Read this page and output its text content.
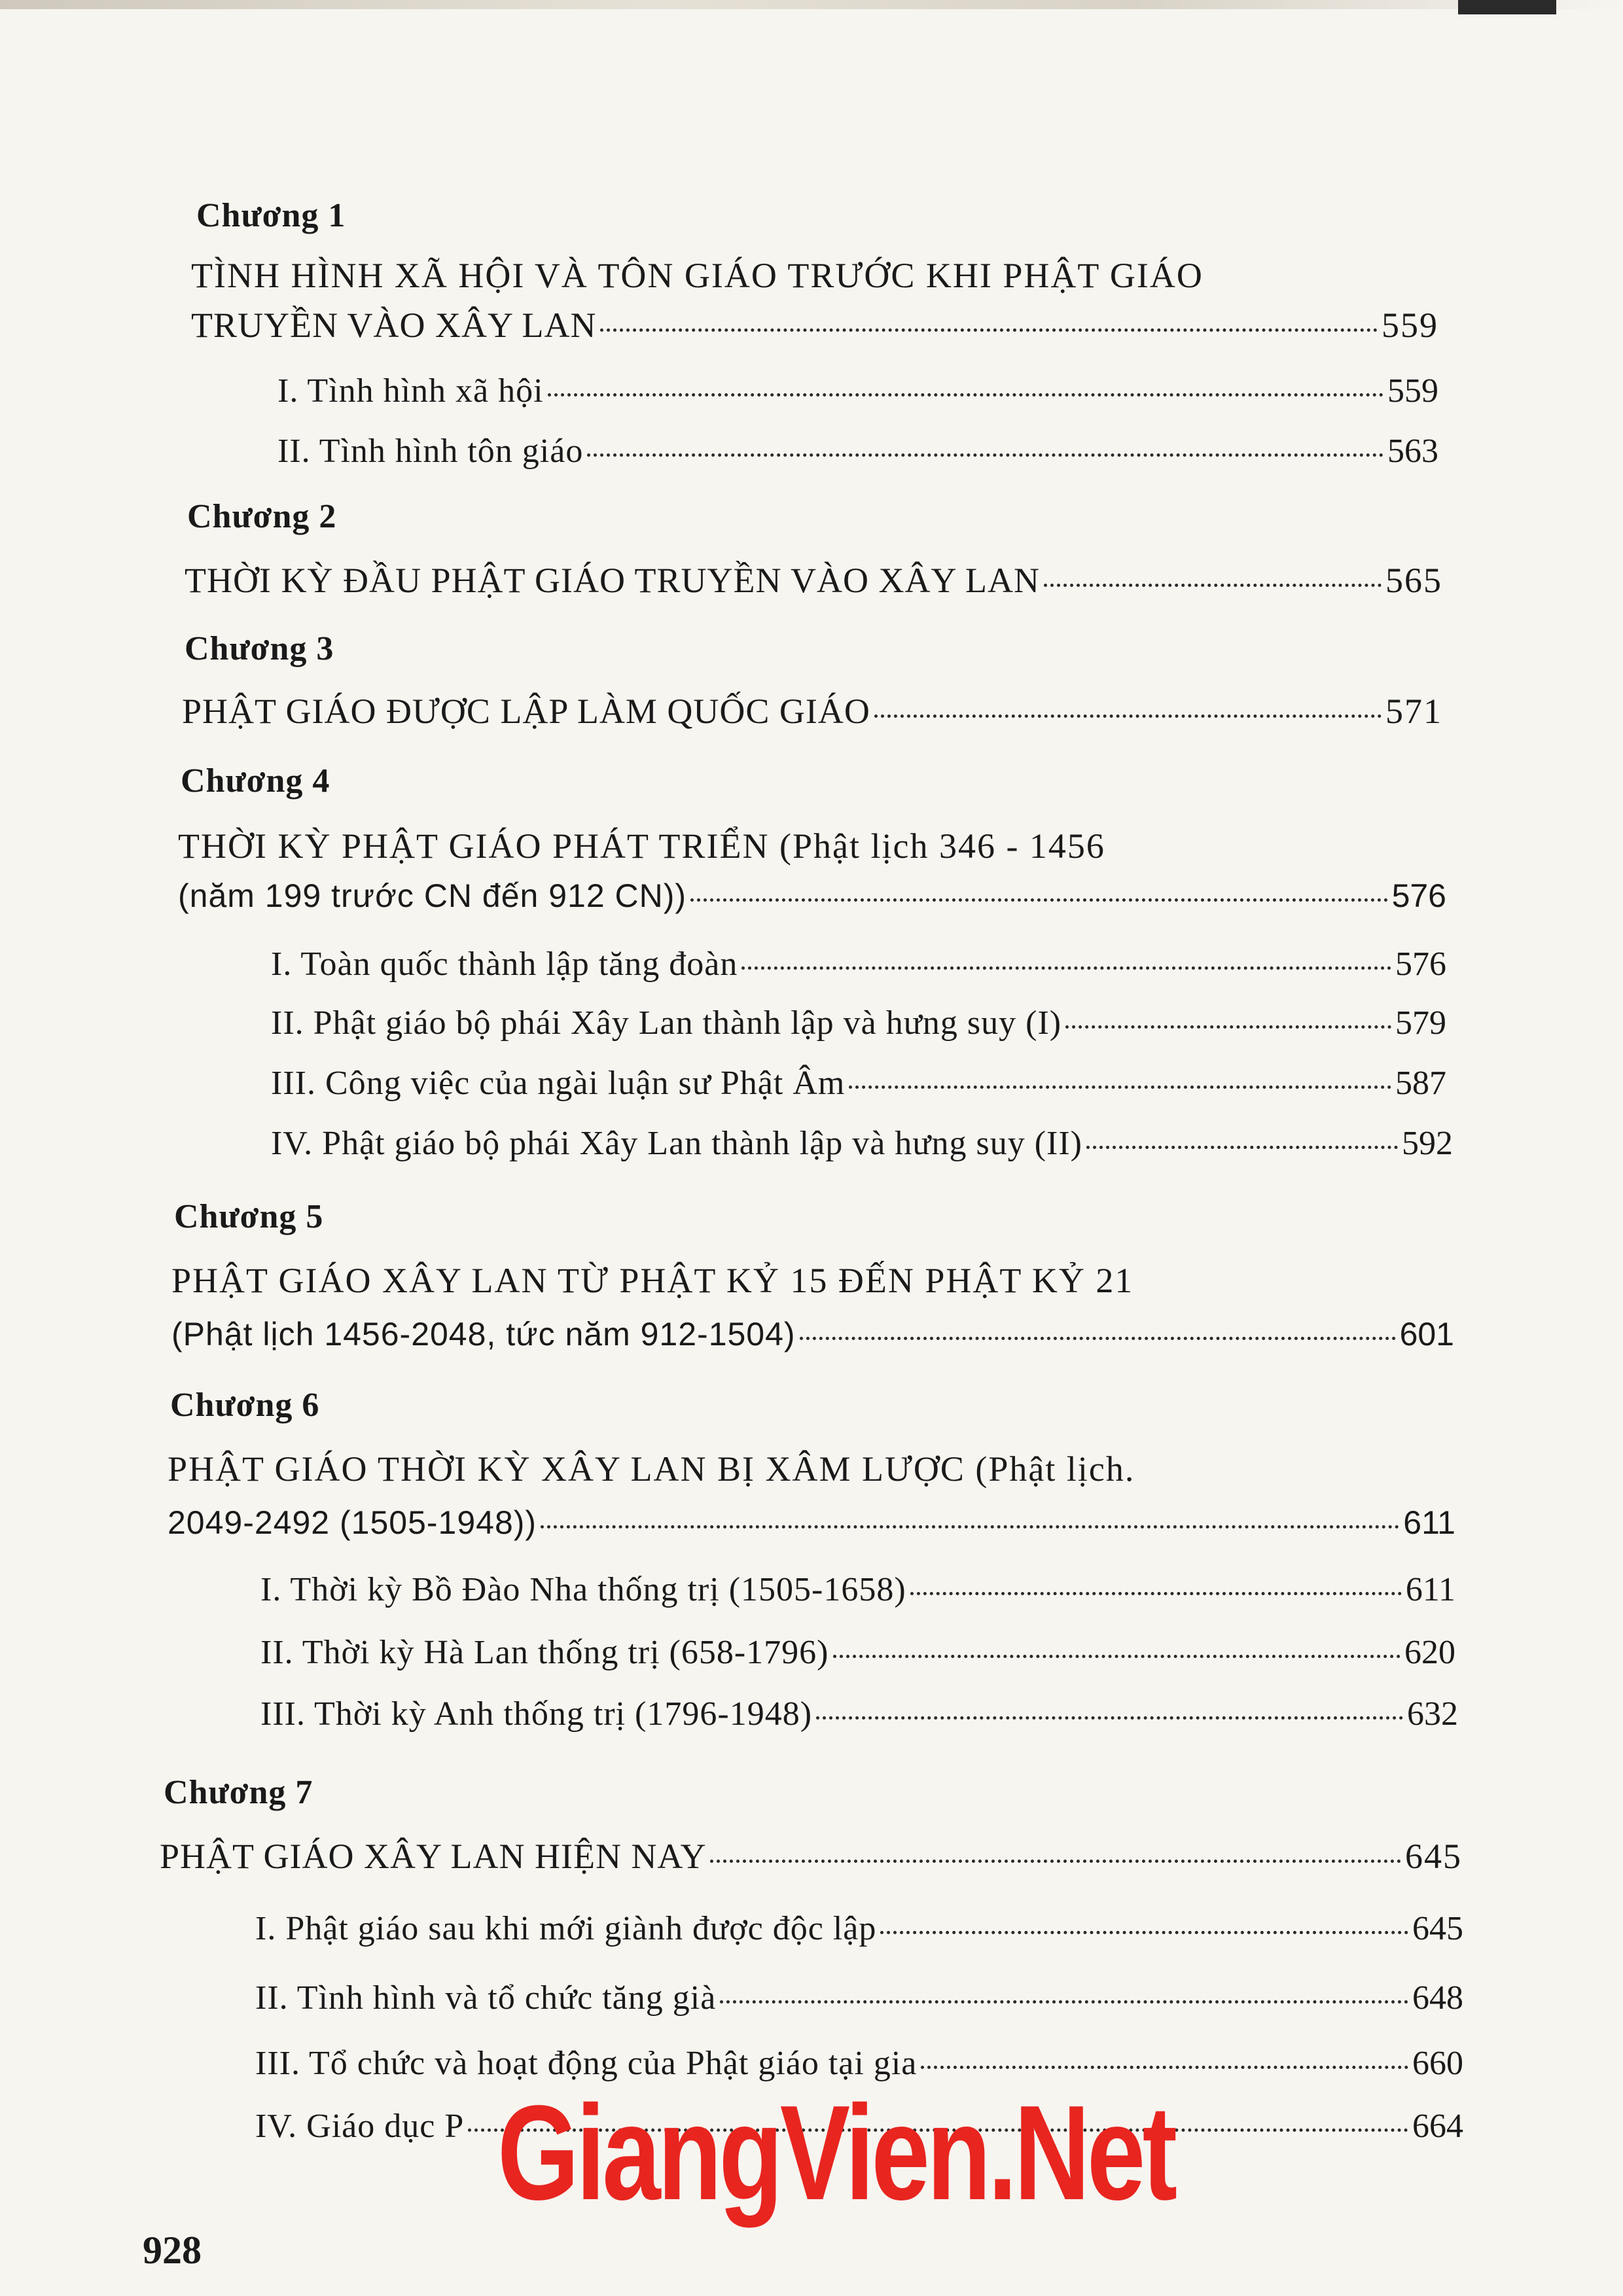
Chương 1
TÌNH HÌNH XÃ HỘI VÀ TÔN GIÁO TRƯỚC KHI PHẬT GIÁO
TRUYỀN VÀO XÂY LAN	559
I. Tình hình xã hội	559
II. Tình hình tôn giáo	563
Chương 2
THỜI KỲ ĐẦU PHẬT GIÁO TRUYỀN VÀO XÂY LAN	565
Chương 3
PHẬT GIÁO ĐƯỢC LẬP LÀM QUỐC GIÁO	571
Chương 4
THỜI KỲ PHẬT GIÁO PHÁT TRIỂN (Phật lịch 346 - 1456
(năm 199 trước CN đến 912 CN))	576
I. Toàn quốc thành lập tăng đoàn	576
II. Phật giáo bộ phái Xây Lan thành lập và hưng suy (I)	579
III. Công việc của ngài luận sư Phật Âm	587
IV. Phật giáo bộ phái Xây Lan thành lập và hưng suy (II)	592
Chương 5
PHẬT GIÁO XÂY LAN TỪ PHẬT KỶ 15 ĐẾN PHẬT KỶ 21
(Phật lịch 1456-2048, tức năm 912-1504)	601
Chương 6
PHẬT GIÁO THỜI KỲ XÂY LAN BỊ XÂM LƯỢC (Phật lịch.
2049-2492 (1505-1948))	611
I. Thời kỳ Bồ Đào Nha thống trị (1505-1658)	611
II. Thời kỳ Hà Lan thống trị (658-1796)	620
III. Thời kỳ Anh thống trị (1796-1948)	632
Chương 7
PHẬT GIÁO XÂY LAN HIỆN NAY	645
I. Phật giáo sau khi mới giành được độc lập	645
II. Tình hình và tổ chức tăng già	648
III. Tổ chức và hoạt động của Phật giáo tại gia	660
IV. Giáo dục P	664
GiangVien.Net
928
